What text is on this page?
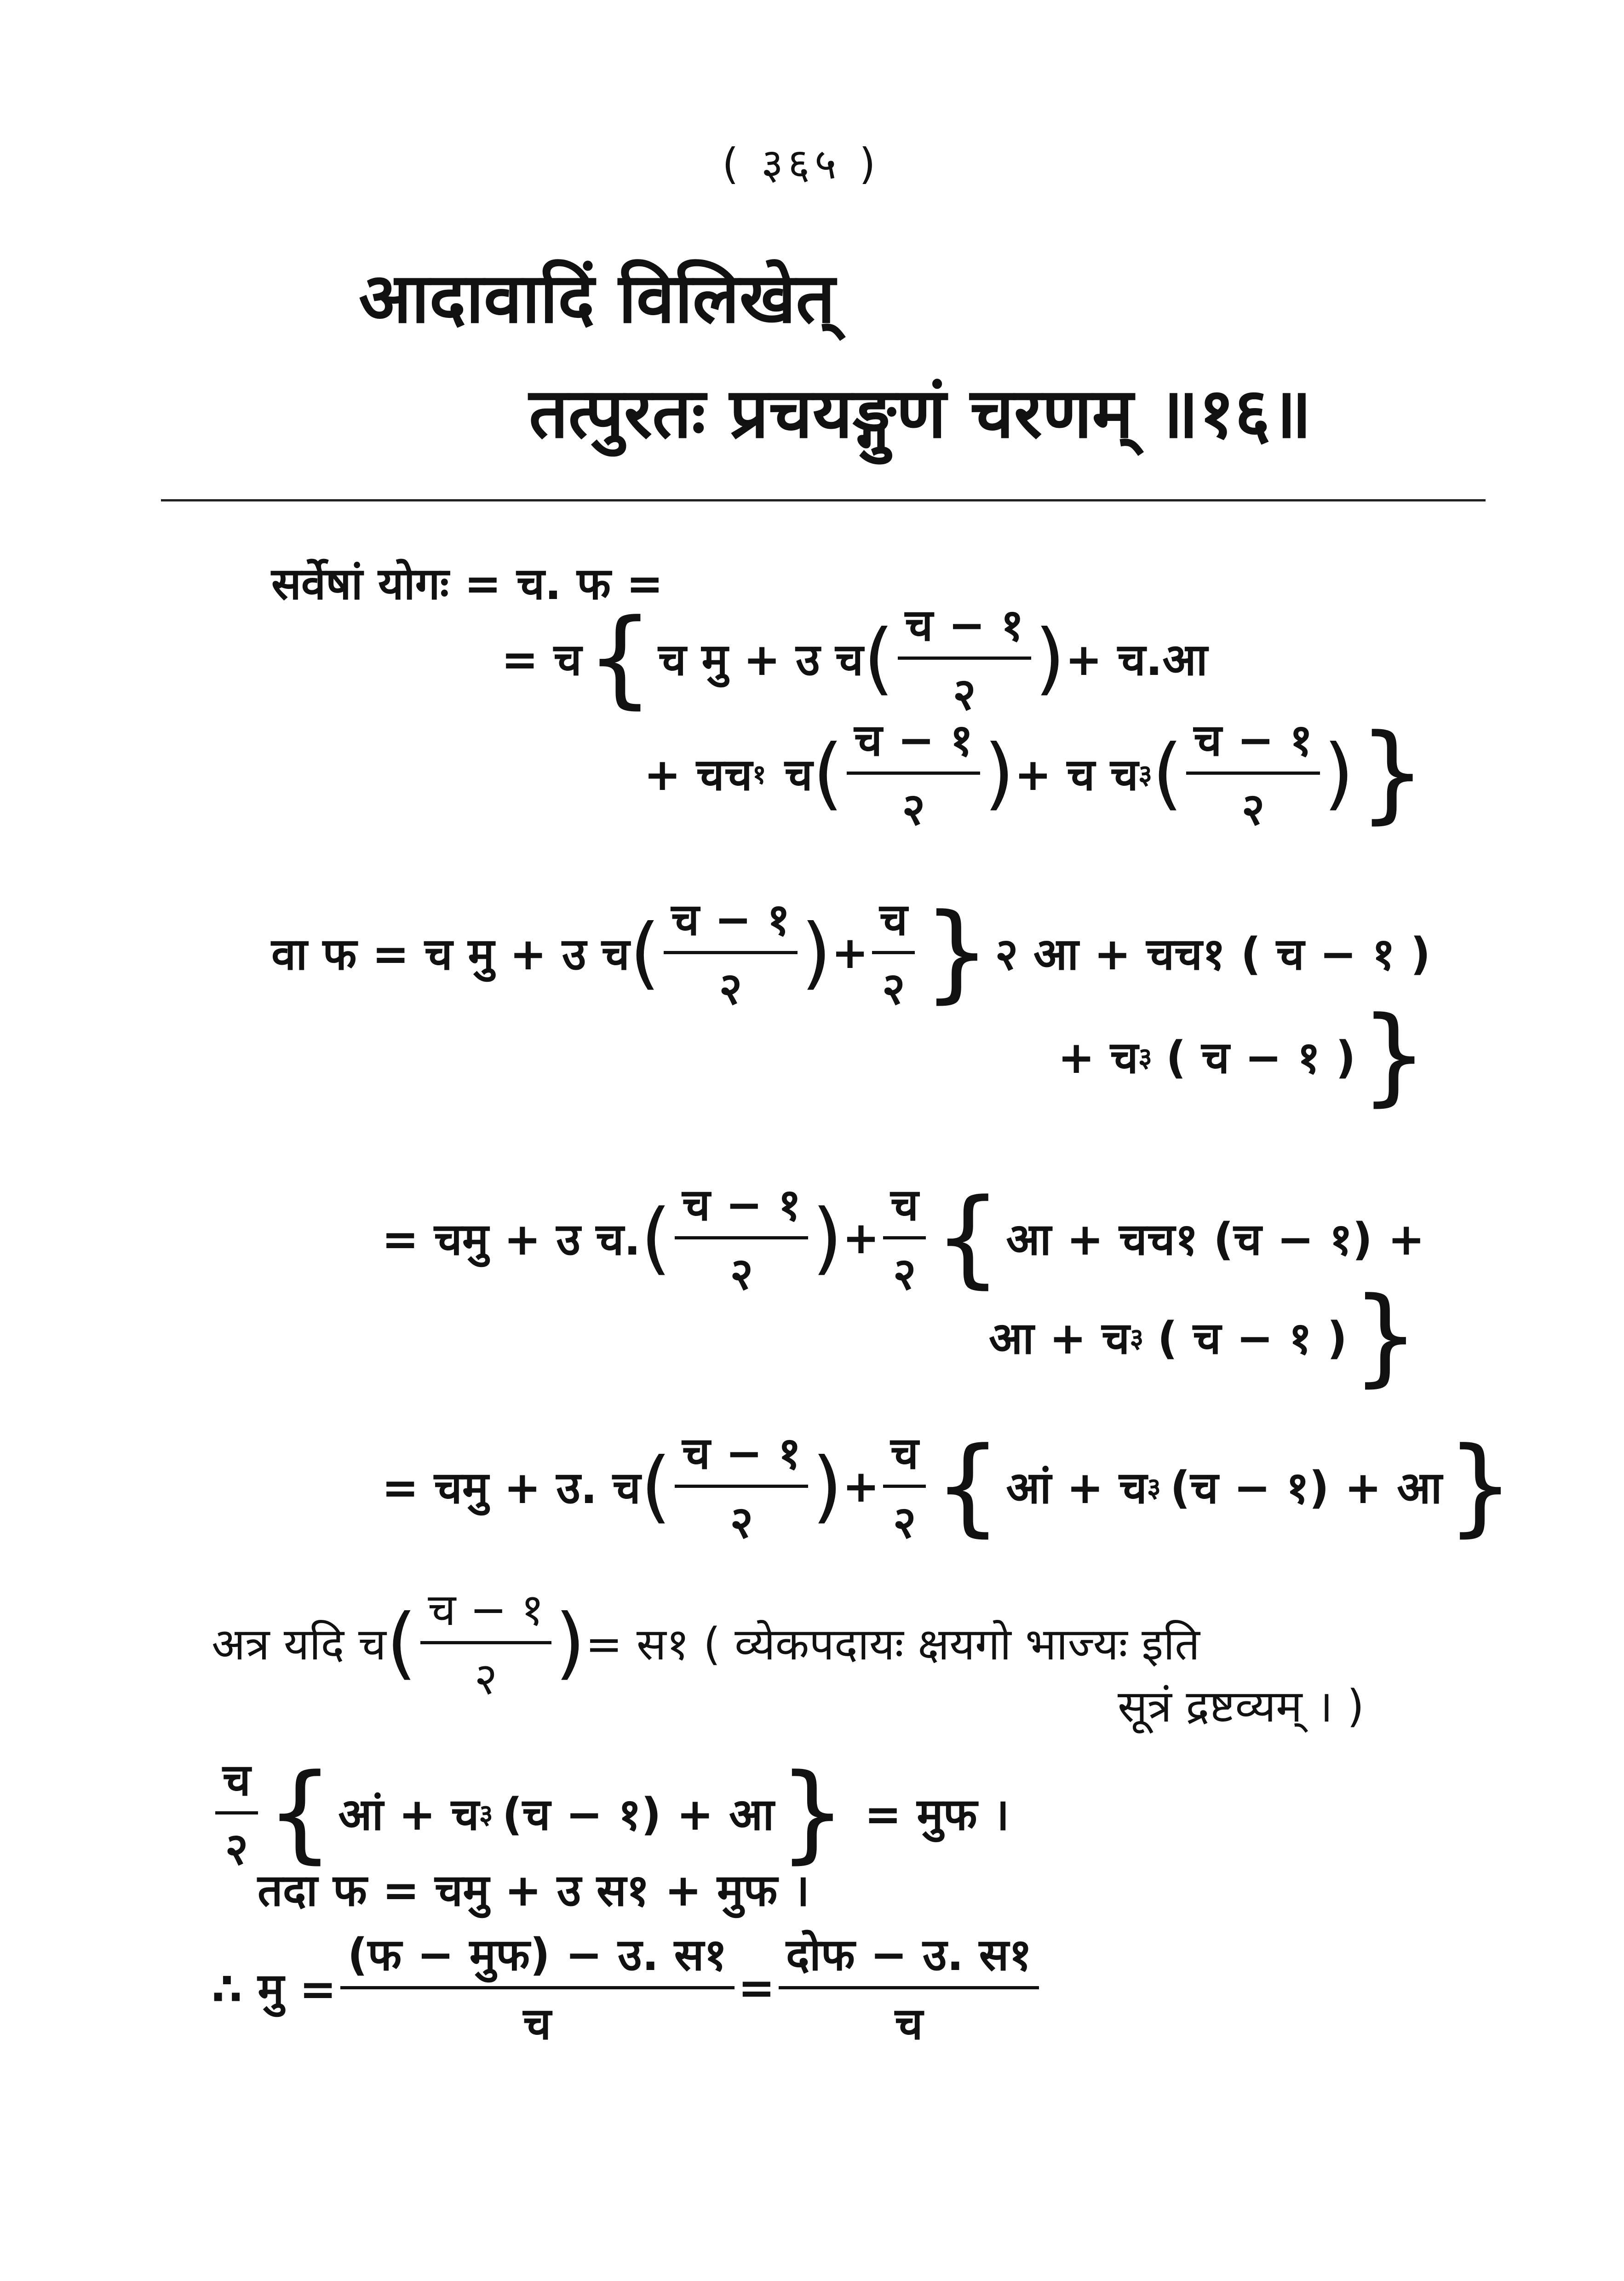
( ३६५ )
आदावादिं विलिखेत्
तत्पुरतः प्रचयङ्गुणं चरणम् ॥१६॥
सर्वेषां योगः = च. फ =
= च { च मु + उ च ( $\frac{\text{च − १}}{२}$ ) + च.आ
+ चच १ च ( $\frac{\text{च − १}}{२}$ ) + च च ३ ( $\frac{\text{च − १}}{२}$ ) }
वा फ = च मु + उ च ( $\frac{\text{च − १}}{२}$ ) + $\frac{\text{च}}{२}$ } २ आ + चच१ ( च − १ )
+ च ३ ( च − १ ) }
= चमु + उ च. ( $\frac{\text{च − १}}{२}$ ) + $\frac{\text{च}}{२}$ { आ + चच१ (च − १) +
आ + च ३ ( च − १ ) }
= चमु + उ. च ( $\frac{\text{च − १}}{२}$ ) + $\frac{\text{च}}{२}$ { आं + च ३ (च − १) + आ }
अत्र यदि च ( $\frac{\text{च − १}}{२}$ ) = स१ ( व्येकपदायः क्षयगो भाज्यः इति
सूत्रं द्रष्टव्यम् । )
$\frac{\text{च}}{२}$ { आं + च ३ (च − १) + आ } = मुफ ।
तदा फ = चमु + उ स१ + मुफ ।
∴ मु = $\frac{\text{(फ − मुफ) − उ. स१}}{\text{च}} = \frac{\text{दोफ − उ. स१}}{\text{च}}$
